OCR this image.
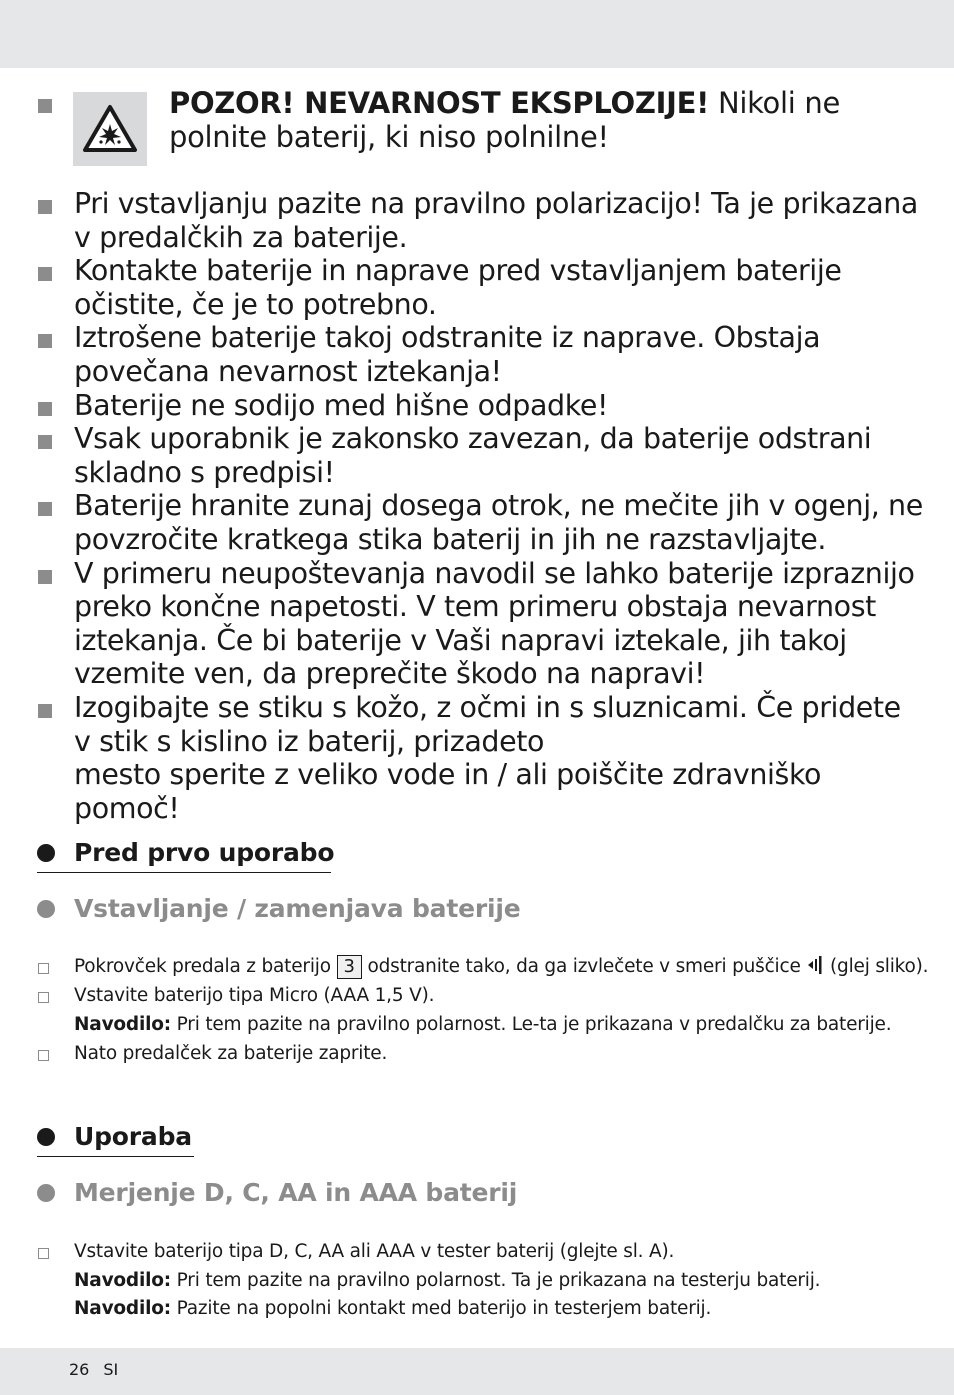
POZOR! NEVARNOST EKSPLOZIJE! Nikoli ne polnite baterij, ki niso polnilne!
Pri vstavljanju pazite na pravilno polarizacijo! Ta je prikazana v predalčkih za baterije.
Kontakte baterije in naprave pred vstavljanjem baterije očistite, če je to potrebno.
Iztrošene baterije takoj odstranite iz naprave. Obstaja povečana nevarnost iztekanja!
Baterije ne sodijo med hišne odpadke!
Vsak uporabnik je zakonsko zavezan, da baterije odstrani skladno s predpisi!
Baterije hranite zunaj dosega otrok, ne mečite jih v ogenj, ne povzročite kratkega stika baterij in jih ne razstavljajte.
V primeru neupoštevanja navodil se lahko baterije izpraznijo preko končne napetosti. V tem primeru obstaja nevarnost iztekanja. Če bi baterije v Vaši napravi iztekale, jih takoj vzemite ven, da preprečite škodo na napravi!
Izogibajte se stiku s kožo, z očmi in s sluznicami. Če pridete v stik s kislino iz baterij, prizadeto
mesto sperite z veliko vode in / ali poiščite zdravniško pomoč!
Pred prvo uporabo
Vstavljanje / zamenjava baterije
Pokrovček predala z baterijo 3 odstranite tako, da ga izvlečete v smeri puščice (glej sliko).
Vstavite baterijo tipa Micro (AAA 1,5 V).
Navodilo: Pri tem pazite na pravilno polarnost. Le-ta je prikazana v predalčku za baterije.
Nato predalček za baterije zaprite.
Uporaba
Merjenje D, C, AA in AAA baterij
Vstavite baterijo tipa D, C, AA ali AAA v tester baterij (glejte sl. A).
Navodilo: Pri tem pazite na pravilno polarnost. Ta je prikazana na testerju baterij.
Navodilo: Pazite na popolni kontakt med baterijo in testerjem baterij.
26 SI
